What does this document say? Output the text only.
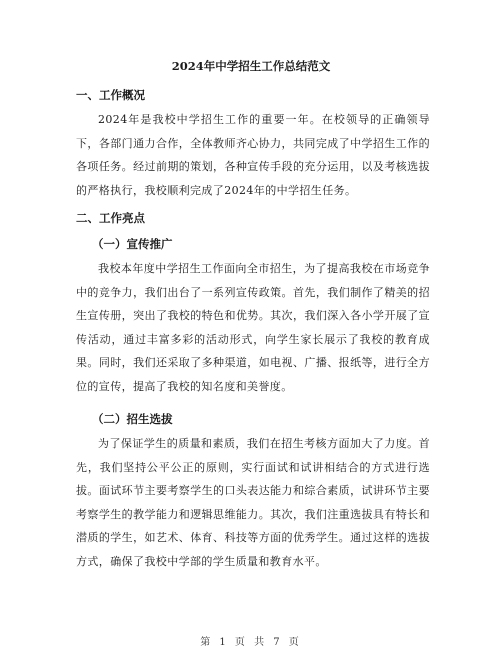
2024年中学招生工作总结范文
一、工作概况
2024年是我校中学招生工作的重要一年。在校领导的正确领导下，各部门通力合作，全体教师齐心协力，共同完成了中学招生工作的各项任务。经过前期的策划，各种宣传手段的充分运用，以及考核选拔的严格执行，我校顺利完成了2024年的中学招生任务。
二、工作亮点
（一）宣传推广
我校本年度中学招生工作面向全市招生，为了提高我校在市场竞争中的竞争力，我们出台了一系列宣传政策。首先，我们制作了精美的招生宣传册，突出了我校的特色和优势。其次，我们深入各小学开展了宣传活动，通过丰富多彩的活动形式，向学生家长展示了我校的教育成果。同时，我们还采取了多种渠道，如电视、广播、报纸等，进行全方位的宣传，提高了我校的知名度和美誉度。
（二）招生选拔
为了保证学生的质量和素质，我们在招生考核方面加大了力度。首先，我们坚持公平公正的原则，实行面试和试讲相结合的方式进行选拔。面试环节主要考察学生的口头表达能力和综合素质，试讲环节主要考察学生的教学能力和逻辑思维能力。其次，我们注重选拔具有特长和潜质的学生，如艺术、体育、科技等方面的优秀学生。通过这样的选拔方式，确保了我校中学部的学生质量和教育水平。
第 1 页 共 7 页
